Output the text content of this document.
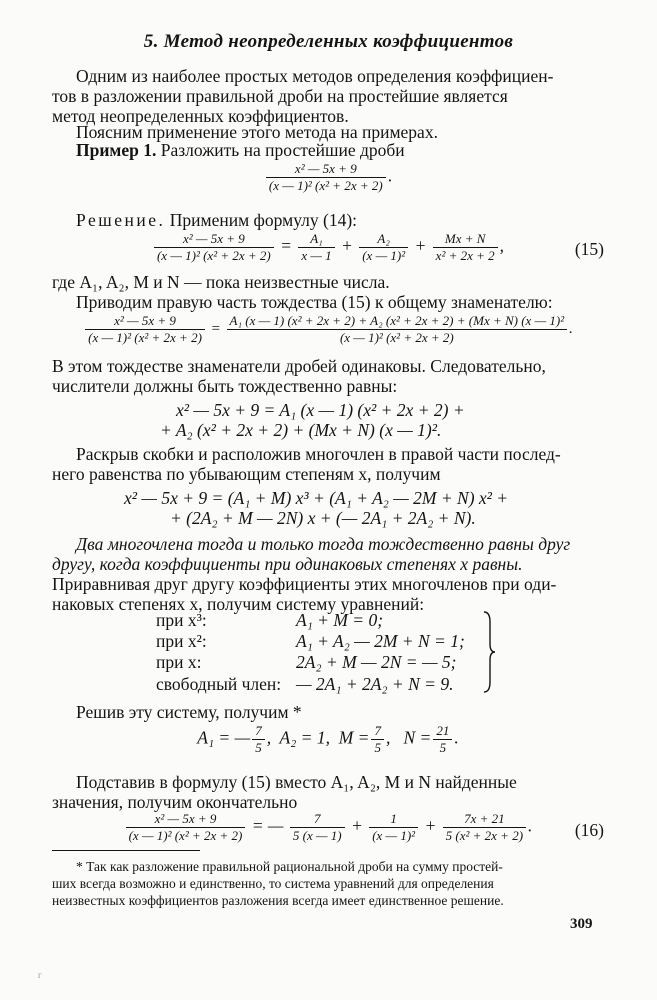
5. Метод неопределенных коэффициентов
Одним из наиболее простых методов определения коэффициен-
тов в разложении правильной дроби на простейшие является
метод неопределенных коэффициентов.
Поясним применение этого метода на примерах.
Пример 1. Разложить на простейшие дроби
$\frac{\text{x² — 5x + 9}}{\text{(x — 1)² (x² + 2x + 2)}}$ .
Решение. Применим формулу (14):
$\frac{\text{x² — 5x + 9}}{\text{(x — 1)² (x² + 2x + 2)}} = \frac{\text{A₁}}{x — 1} + \frac{\text{A₂}}{\text{(x — 1)²}} + \frac{Mx + N}{\text{x² + 2x + 2}}$ ,	(15)
где A₁, A₂, M и N — пока неизвестные числа.
Приводим правую часть тождества (15) к общему знаменателю:
$\frac{\text{x² — 5x + 9}}{\text{(x — 1)² (x² + 2x + 2)}}$ =
A₁ (x — 1) (x² + 2x + 2) + A₂ (x² + 2x + 2) + (Mx + N) (x — 1)²
(x — 1)² (x² + 2x + 2)
.
В этом тождестве знаменатели дробей одинаковы. Следовательно,
числители должны быть тождественно равны:
x² — 5x + 9 = A₁ (x — 1) (x² + 2x + 2) +
+ A₂ (x² + 2x + 2) + (Mx + N) (x — 1)².
Раскрыв скобки и расположив многочлен в правой части послед-
него равенства по убывающим степеням x, получим
x² — 5x + 9 = (A₁ + M) x³ + (A₁ + A₂ — 2M + N) x² +
+ (2A₂ + M — 2N) x + (— 2A₁ + 2A₂ + N).
Два многочлена тогда и только тогда тождественно равны друг
другу, когда коэффициенты при одинаковых степенях x равны.
Приравнивая друг другу коэффициенты этих многочленов при оди-
наковых степенях x, получим систему уравнений:
при x³:	A₁ + M = 0;
при x²:	A₁ + A₂ — 2M + N = 1;
при x:	2A₂ + M — 2N = — 5;
свободный член: — 2A₁ + 2A₂ + N = 9.
Решив эту систему, получим *
A₁ = — $\frac{7}{5}$ , A₂ = 1, $M = \frac{7}{5}$ , $N = \frac{21}{5}$ .
Подставив в формулу (15) вместо A₁, A₂, M и N найденные
значения, получим окончательно
$\frac{\text{x² — 5x + 9}}{\text{(x — 1)² (x² + 2x + 2)}}$ = — $\frac{7}{5 (x — 1)} + \frac{1}{\text{(x — 1)²}} + \frac{7x + 21}{\text{5 (x² + 2x + 2)}}$ . (16)
* Так как разложение правильной рациональной дроби на сумму простей-
ших всегда возможно и единственно, то система уравнений для определения
неизвестных коэффициентов разложения всегда имеет единственное решение.
309
г
